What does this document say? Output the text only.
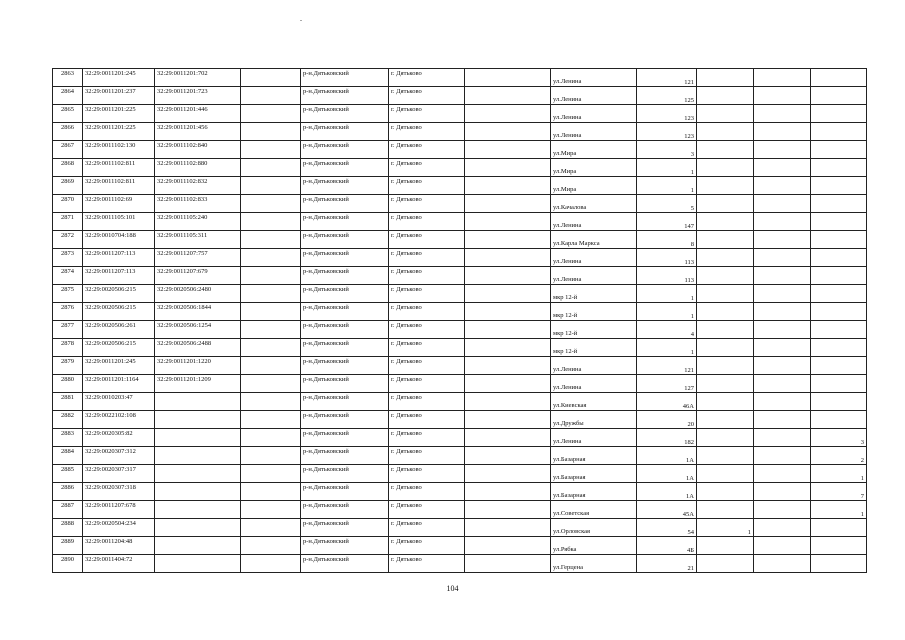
2863	32:29:0011201:245	32:29:0011201:702		р-н.Дятьковский	г. Дятьково		ул.Ленина	121			
2864	32:29:0011201:237	32:29:0011201:723		р-н.Дятьковский	г. Дятьково		ул.Ленина	125			
2865	32:29:0011201:225	32:29:0011201:446		р-н.Дятьковский	г. Дятьково		ул.Ленина	123			
2866	32:29:0011201:225	32:29:0011201:456		р-н.Дятьковский	г. Дятьково		ул.Ленина	123			
2867	32:29:0011102:130	32:29:0011102:840		р-н.Дятьковский	г. Дятьково		ул.Мира	3			
2868	32:29:0011102:811	32:29:0011102:880		р-н.Дятьковский	г. Дятьково		ул.Мира	1			
2869	32:29:0011102:811	32:29:0011102:832		р-н.Дятьковский	г. Дятьково		ул.Мира	1			
2870	32:29:0011102:69	32:29:0011102:833		р-н.Дятьковский	г. Дятьково		ул.Качалова	5			
2871	32:29:0011105:101	32:29:0011105:240		р-н.Дятьковский	г. Дятьково		ул.Ленина	147			
2872	32:29:0010704:188	32:29:0011105:311		р-н.Дятьковский	г. Дятьково		ул.Карла Маркса	8			
2873	32:29:0011207:113	32:29:0011207:757		р-н.Дятьковский	г. Дятьково		ул.Ленина	113			
2874	32:29:0011207:113	32:29:0011207:679		р-н.Дятьковский	г. Дятьково		ул.Ленина	113			
2875	32:29:0020506:215	32:29:0020506:2480		р-н.Дятьковский	г. Дятьково		мкр 12-й	1			
2876	32:29:0020506:215	32:29:0020506:1844		р-н.Дятьковский	г. Дятьково		мкр 12-й	1			
2877	32:29:0020506:261	32:29:0020506:1254		р-н.Дятьковский	г. Дятьково		мкр 12-й	4			
2878	32:29:0020506:215	32:29:0020506:2488		р-н.Дятьковский	г. Дятьково		мкр 12-й	1			
2879	32:29:0011201:245	32:29:0011201:1220		р-н.Дятьковский	г. Дятьково		ул.Ленина	121			
2880	32:29:0011201:1164	32:29:0011201:1209		р-н.Дятьковский	г. Дятьково		ул.Ленина	127			
2881	32:29:0010203:47			р-н.Дятьковский	г. Дятьково		ул.Киевская	46А			
2882	32:29:0022102:108			р-н.Дятьковский	г. Дятьково		ул.Дружбы	20			
2883	32:29:0020305:82			р-н.Дятьковский	г. Дятьково		ул.Ленина	182			3
2884	32:29:0020307:312			р-н.Дятьковский	г. Дятьково		ул.Базарная	1А			2
2885	32:29:0020307:317			р-н.Дятьковский	г. Дятьково		ул.Базарная	1А			1
2886	32:29:0020307:318			р-н.Дятьковский	г. Дятьково		ул.Базарная	1А			7
2887	32:29:0011207:678			р-н.Дятьковский	г. Дятьково		ул.Советская	45А			1
2888	32:29:0020504:234			р-н.Дятьковский	г. Дятьково		ул.Орловская	54	1		
2889	32:29:0011204:48			р-н.Дятьковский	г. Дятьково		ул.Рябка	4Б			
2890	32:29:0011404:72			р-н.Дятьковский	г. Дятьково		ул.Герцена	21			
104
